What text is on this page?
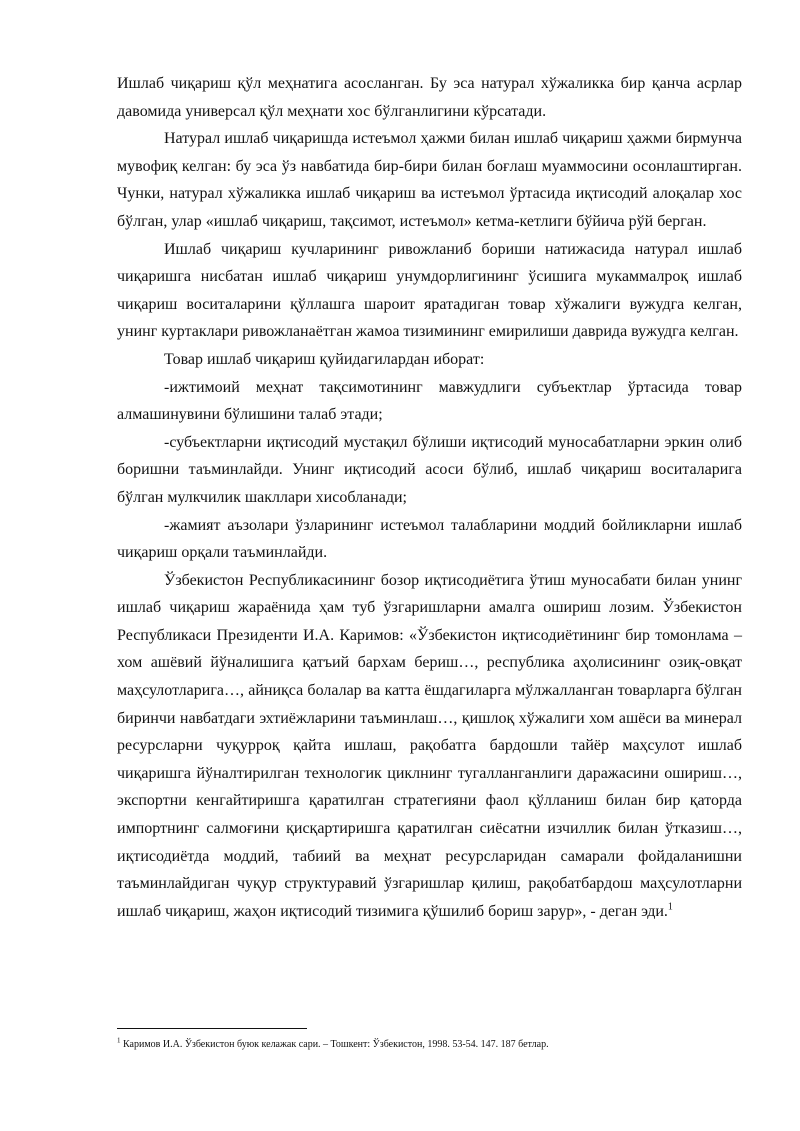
Ишлаб чиқариш қўл меҳнатига асосланган. Бу эса натурал хўжаликка бир қанча асрлар давомида универсал қўл меҳнати хос бўлганлигини кўрсатади.

Натурал ишлаб чиқаришда истеъмол ҳажми билан ишлаб чиқариш ҳажми бирмунча мувофиқ келган: бу эса ўз навбатида бир-бири билан боғлаш муаммосини осонлаштирган. Чунки, натурал хўжаликка ишлаб чиқариш ва истеъмол ўртасида иқтисодий алоқалар хос бўлган, улар «ишлаб чиқариш, тақсимот, истеъмол» кетма-кетлиги бўйича рўй берган.

Ишлаб чиқариш кучларининг ривожланиб бориши натижасида натурал ишлаб чиқаришга нисбатан ишлаб чиқариш унумдорлигининг ўсишига мукаммалроқ ишлаб чиқариш воситаларини қўллашга шароит яратадиган товар хўжалиги вужудга келган, унинг куртаклари ривожланаётган жамоа тизимининг емирилиши даврида вужудга келган.

Товар ишлаб чиқариш қуйидагилардан иборат:

-ижтимоий меҳнат тақсимотининг мавжудлиги субъектлар ўртасида товар алмашинувини бўлишини талаб этади;

-субъектларни иқтисодий мустақил бўлиши иқтисодий муносабатларни эркин олиб боришни таъминлайди. Унинг иқтисодий асоси бўлиб, ишлаб чиқариш воситаларига бўлган мулкчилик шакллари хисобланади;

-жамият аъзолари ўзларининг истеъмол талабларини моддий бойликларни ишлаб чиқариш орқали таъминлайди.

Ўзбекистон Республикасининг бозор иқтисодиётига ўтиш муносабати билан унинг ишлаб чиқариш жараёнида ҳам туб ўзгаришларни амалга ошириш лозим. Ўзбекистон Республикаси Президенти И.А. Каримов: «Ўзбекистон иқтисодиётининг бир томонлама – хом ашёвий йўналишига қатъий бархам бериш…, республика аҳолисининг озиқ-овқат маҳсулотларига…, айниқса болалар ва катта ёшдагиларга мўлжалланган товарларга бўлган биринчи навбатдаги эхтиёжларини таъминлаш…, қишлоқ хўжалиги хом ашёси ва минерал ресурсларни чуқурроқ қайта ишлаш, рақобатга бардошли тайёр маҳсулот ишлаб чиқаришга йўналтирилган технологик циклнинг тугалланганлиги даражасини ошириш…, экспортни кенгайтиришга қаратилган стратегияни фаол қўлланиш билан бир қаторда импортнинг салмоғини қисқартиришга қаратилган сиёсатни изчиллик билан ўтказиш…, иқтисодиётда моддий, табиий ва меҳнат ресурсларидан самарали фойдаланишни таъминлайдиган чуқур структуравий ўзгаришлар қилиш, рақобатбардош маҳсулотларни ишлаб чиқариш, жаҳон иқтисодий тизимига қўшилиб бориш зарур», - деган эди.$^1$

$^1$ Каримов И.А. Ўзбекистон буюк келажак сари. – Тошкент: Ўзбекистон, 1998. 53-54. 147. 187 бетлар.
